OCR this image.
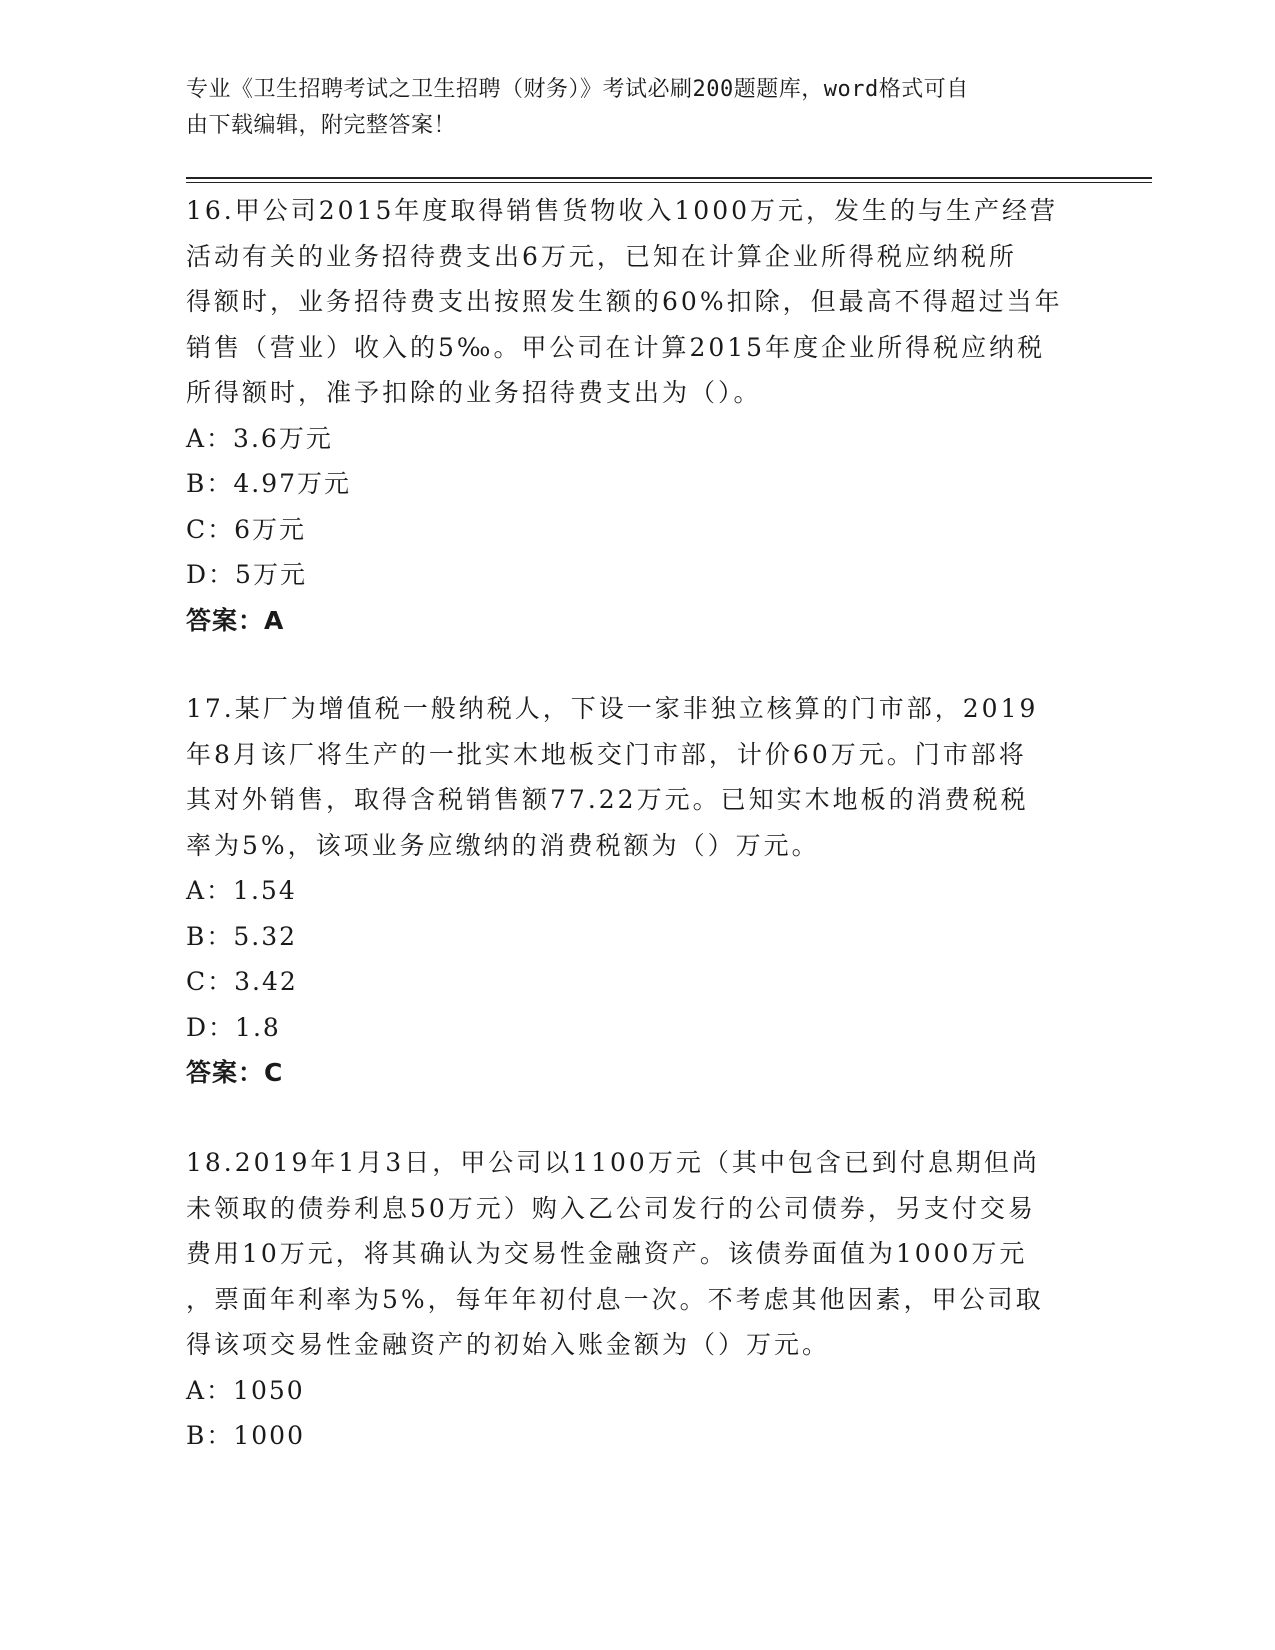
专业《卫生招聘考试之卫生招聘（财务）》考试必刷200题题库，word格式可自
由下载编辑，附完整答案！

16.甲公司2015年度取得销售货物收入1000万元，发生的与生产经营

活动有关的业务招待费支出6万元，已知在计算企业所得税应纳税所

得额时，业务招待费支出按照发生额的60%扣除，但最高不得超过当年

销售（营业）收入的5‰。甲公司在计算2015年度企业所得税应纳税

所得额时，准予扣除的业务招待费支出为（）。

A：3.6万元

B：4.97万元

C：6万元

D：5万元

答案：A

17.某厂为增值税一般纳税人，下设一家非独立核算的门市部，2019

年8月该厂将生产的一批实木地板交门市部，计价60万元。门市部将

其对外销售，取得含税销售额77.22万元。已知实木地板的消费税税

率为5%，该项业务应缴纳的消费税额为（）万元。

A：1.54

B：5.32

C：3.42

D：1.8

答案：C

18.2019年1月3日，甲公司以1100万元（其中包含已到付息期但尚

未领取的债券利息50万元）购入乙公司发行的公司债券，另支付交易

费用10万元，将其确认为交易性金融资产。该债券面值为1000万元

，票面年利率为5%，每年年初付息一次。不考虑其他因素，甲公司取

得该项交易性金融资产的初始入账金额为（）万元。

A：1050

B：1000
